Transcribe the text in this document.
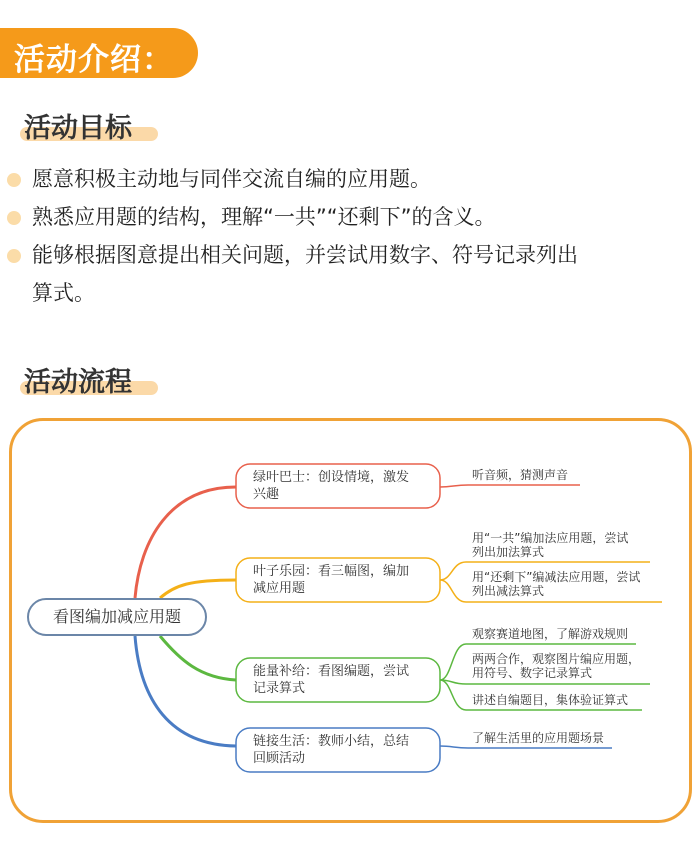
活动介绍：
活动目标
愿意积极主动地与同伴交流自编的应用题。
熟悉应用题的结构，理解“一共”“还剩下”的含义。
能够根据图意提出相关问题，并尝试用数字、符号记录列出
算式。
活动流程
看图编加减应用题
绿叶巴士：创设情境，激发
兴趣
叶子乐园：看三幅图，编加
减应用题
能量补给：看图编题，尝试
记录算式
链接生活：教师小结，总结
回顾活动
听音频，猜测声音
用“一共”编加法应用题，尝试
列出加法算式
用“还剩下”编减法应用题，尝试
列出减法算式
观察赛道地图，了解游戏规则
两两合作，观察图片编应用题，
用符号、数字记录算式
讲述自编题目，集体验证算式
了解生活里的应用题场景
